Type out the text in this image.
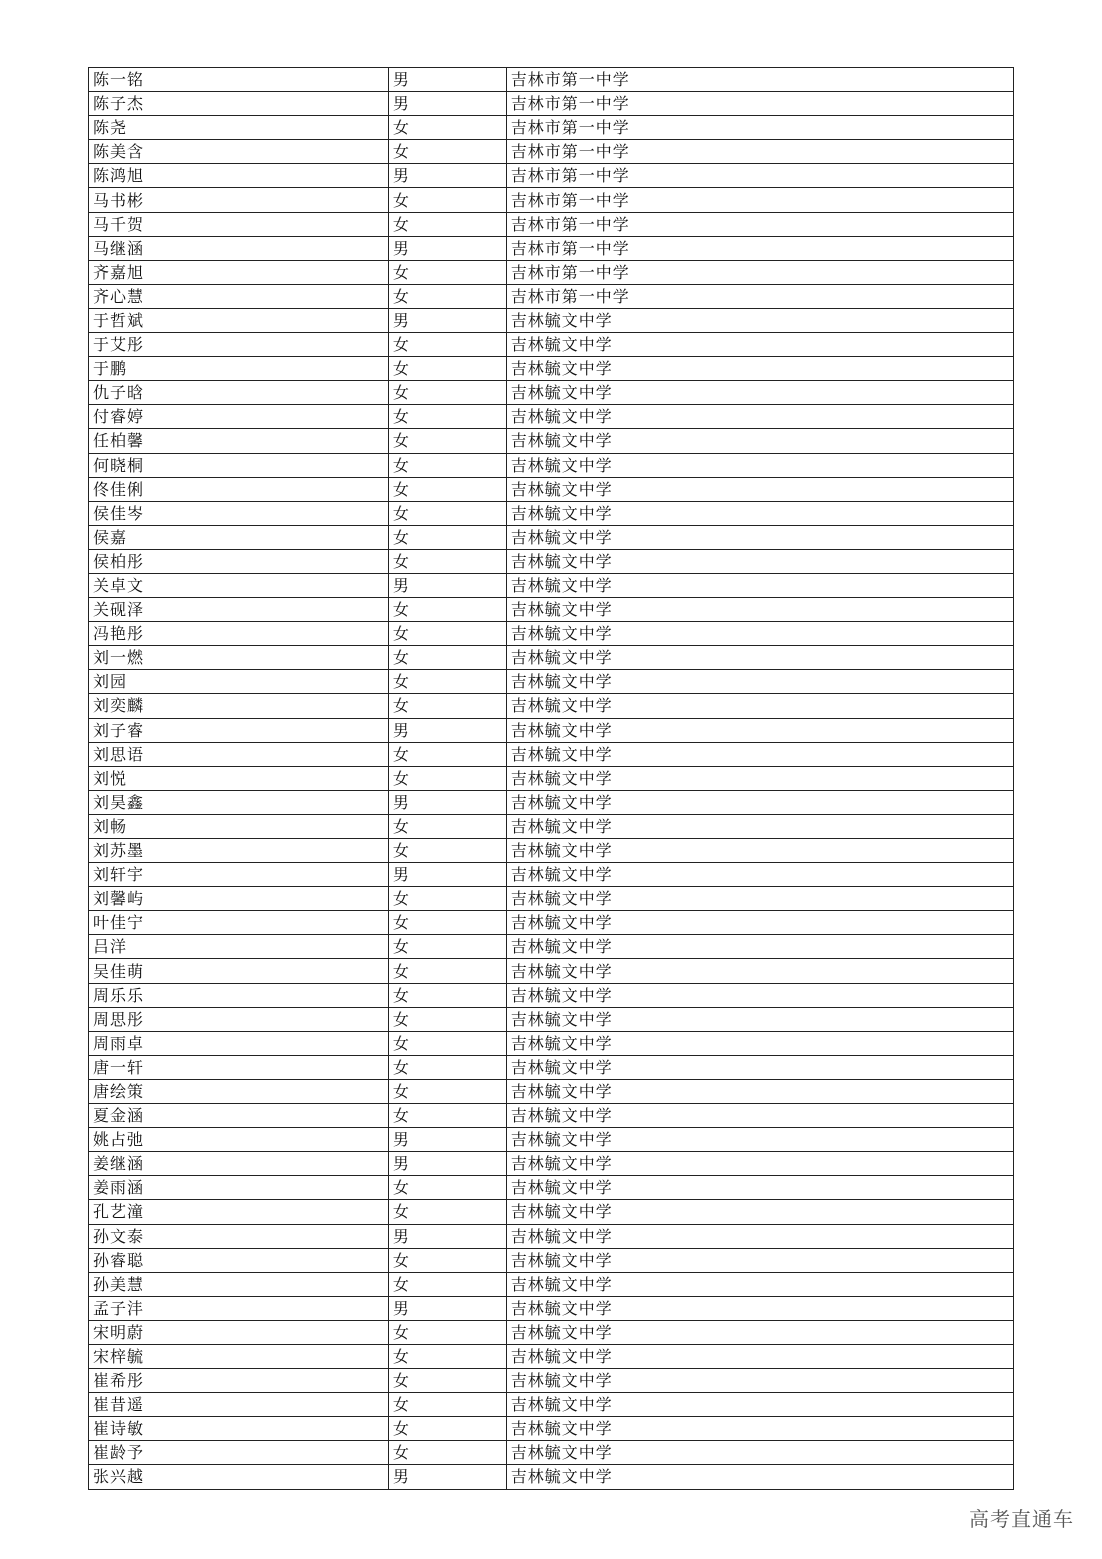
陈一铭	男	吉林市第一中学
陈子杰	男	吉林市第一中学
陈尧	女	吉林市第一中学
陈美含	女	吉林市第一中学
陈鸿旭	男	吉林市第一中学
马书彬	女	吉林市第一中学
马千贺	女	吉林市第一中学
马继涵	男	吉林市第一中学
齐嘉旭	女	吉林市第一中学
齐心慧	女	吉林市第一中学
于哲斌	男	吉林毓文中学
于艾彤	女	吉林毓文中学
于鹏	女	吉林毓文中学
仇子晗	女	吉林毓文中学
付睿婷	女	吉林毓文中学
任柏馨	女	吉林毓文中学
何晓桐	女	吉林毓文中学
佟佳俐	女	吉林毓文中学
侯佳岑	女	吉林毓文中学
侯嘉	女	吉林毓文中学
侯柏彤	女	吉林毓文中学
关卓文	男	吉林毓文中学
关砚泽	女	吉林毓文中学
冯艳彤	女	吉林毓文中学
刘一燃	女	吉林毓文中学
刘园	女	吉林毓文中学
刘奕麟	女	吉林毓文中学
刘子睿	男	吉林毓文中学
刘思语	女	吉林毓文中学
刘悦	女	吉林毓文中学
刘昊鑫	男	吉林毓文中学
刘畅	女	吉林毓文中学
刘苏墨	女	吉林毓文中学
刘轩宇	男	吉林毓文中学
刘馨屿	女	吉林毓文中学
叶佳宁	女	吉林毓文中学
吕洋	女	吉林毓文中学
吴佳萌	女	吉林毓文中学
周乐乐	女	吉林毓文中学
周思彤	女	吉林毓文中学
周雨卓	女	吉林毓文中学
唐一轩	女	吉林毓文中学
唐绘策	女	吉林毓文中学
夏金涵	女	吉林毓文中学
姚占弛	男	吉林毓文中学
姜继涵	男	吉林毓文中学
姜雨涵	女	吉林毓文中学
孔艺潼	女	吉林毓文中学
孙文泰	男	吉林毓文中学
孙睿聪	女	吉林毓文中学
孙美慧	女	吉林毓文中学
孟子沣	男	吉林毓文中学
宋明蔚	女	吉林毓文中学
宋梓毓	女	吉林毓文中学
崔希彤	女	吉林毓文中学
崔昔遥	女	吉林毓文中学
崔诗敏	女	吉林毓文中学
崔龄予	女	吉林毓文中学
张兴越	男	吉林毓文中学
高考直通车
